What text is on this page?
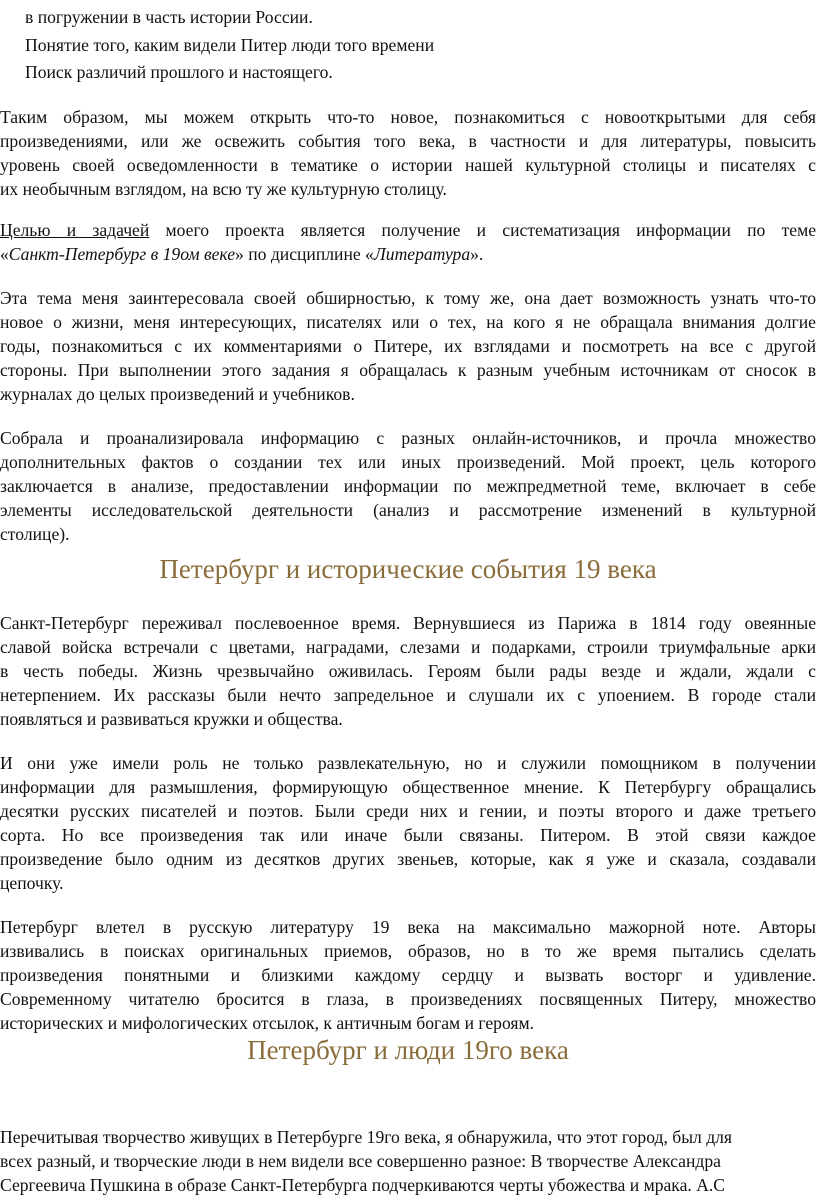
в погружении в часть истории России.
Понятие того, каким видели Питер люди того времени
Поиск различий прошлого и настоящего.
Таким образом, мы можем открыть что-то новое, познакомиться с новооткрытыми для себя
произведениями, или же освежить события того века, в частности и для литературы, повысить
уровень своей осведомленности в тематике о истории нашей культурной столицы и писателях с
их необычным взглядом, на всю ту же культурную столицу.
Целью и задачей моего проекта является получение и систематизация информации по теме
«Санкт-Петербург в 19ом веке» по дисциплине «Литература».
Эта тема меня заинтересовала своей обширностью, к тому же, она дает возможность узнать что-то
новое о жизни, меня интересующих, писателях или о тех, на кого я не обращала внимания долгие
годы, познакомиться с их комментариями о Питере, их взглядами и посмотреть на все с другой
стороны. При выполнении этого задания я обращалась к разным учебным источникам от сносок в
журналах до целых произведений и учебников.
Собрала и проанализировала информацию с разных онлайн-источников, и прочла множество
дополнительных фактов о создании тех или иных произведений. Мой проект, цель которого
заключается в анализе, предоставлении информации по межпредметной теме, включает в себе
элементы исследовательской деятельности (анализ и рассмотрение изменений в культурной
столице).
Петербург и исторические события 19 века
Санкт-Петербург переживал послевоенное время. Вернувшиеся из Парижа в 1814 году овеянные
славой войска встречали с цветами, наградами, слезами и подарками, строили триумфальные арки
в честь победы. Жизнь чрезвычайно оживилась. Героям были рады везде и ждали, ждали с
нетерпением. Их рассказы были нечто запредельное и слушали их с упоением. В городе стали
появляться и развиваться кружки и общества.
И они уже имели роль не только развлекательную, но и служили помощником в получении
информации для размышления, формирующую общественное мнение. К Петербургу обращались
десятки русских писателей и поэтов. Были среди них и гении, и поэты второго и даже третьего
сорта. Но все произведения так или иначе были связаны. Питером. В этой связи каждое
произведение было одним из десятков других звеньев, которые, как я уже и сказала, создавали
цепочку.
Петербург влетел в русскую литературу 19 века на максимально мажорной ноте. Авторы
извивались в поисках оригинальных приемов, образов, но в то же время пытались сделать
произведения понятными и близкими каждому сердцу и вызвать восторг и удивление.
Современному читателю бросится в глаза, в произведениях посвященных Питеру, множество
исторических и мифологических отсылок, к античным богам и героям.
Петербург и люди 19го века
Перечитывая творчество живущих в Петербурге 19го века, я обнаружила, что этот город, был для
всех разный, и творческие люди в нем видели все совершенно разное: В творчестве Александра
Сергеевича Пушкина в образе Санкт-Петербурга подчеркиваются черты убожества и мрака. А.С
